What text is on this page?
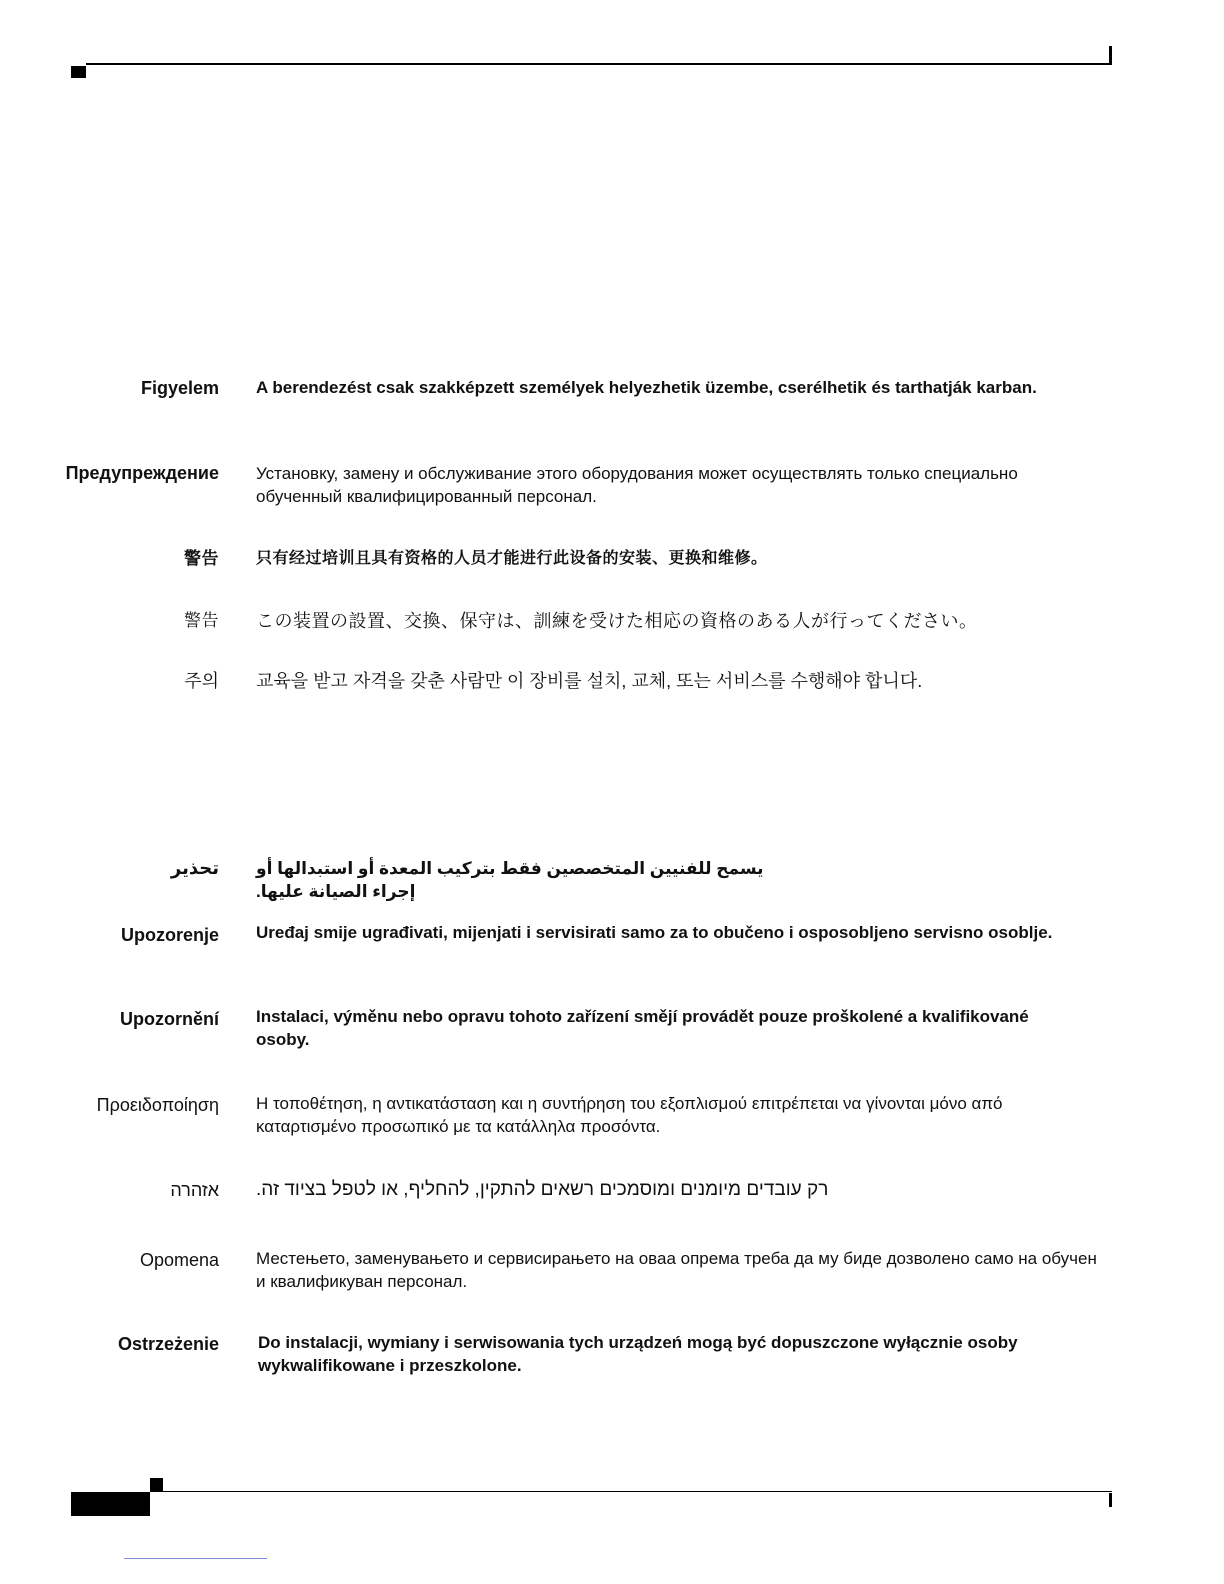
Figyelem A berendezést csak szakképzett személyek helyezhetik üzembe, cserélhetik és tarthatják karban.
Предупреждение Установку, замену и обслуживание этого оборудования может осуществлять только специально обученный квалифицированный персонал.
警告 只有经过培训且具有资格的人员才能进行此设备的安装、更换和维修。
警告 この装置の設置、交換、保守は、訓練を受けた相応の資格のある人が行ってください。
주의 교육을 받고 자격을 갖춘 사람만 이 장비를 설치, 교체, 또는 서비스를 수행해야 합니다.
تحذير يسمح للفنيين المتخصصين فقط بتركيب المعدة أو استبدالها أو إجراء الصيانة عليها.
Upozorenje Uređaj smije ugrađivati, mijenjati i servisirati samo za to obučeno i osposobljeno servisno osoblje.
Upozornění Instalaci, výměnu nebo opravu tohoto zařízení smějí provádět pouze proškolené a kvalifikované osoby.
Προειδοποίηση Η τοποθέτηση, η αντικατάσταση και η συντήρηση του εξοπλισμού επιτρέπεται να γίνονται μόνο από καταρτισμένο προσωπικό με τα κατάλληλα προσόντα.
אזהרה רק עובדים מיומנים ומוסמכים רשאים להתקין, להחליף, או לטפל בציוד זה.
Opomena Местењето, заменувањето и сервисирањето на оваа опрема треба да му биде дозволено само на обучен и квалификуван персонал.
Ostrzeżenie Do instalacji, wymiany i serwisowania tych urządzeń mogą być dopuszczone wyłącznie osoby wykwalifikowane i przeszkolone.
